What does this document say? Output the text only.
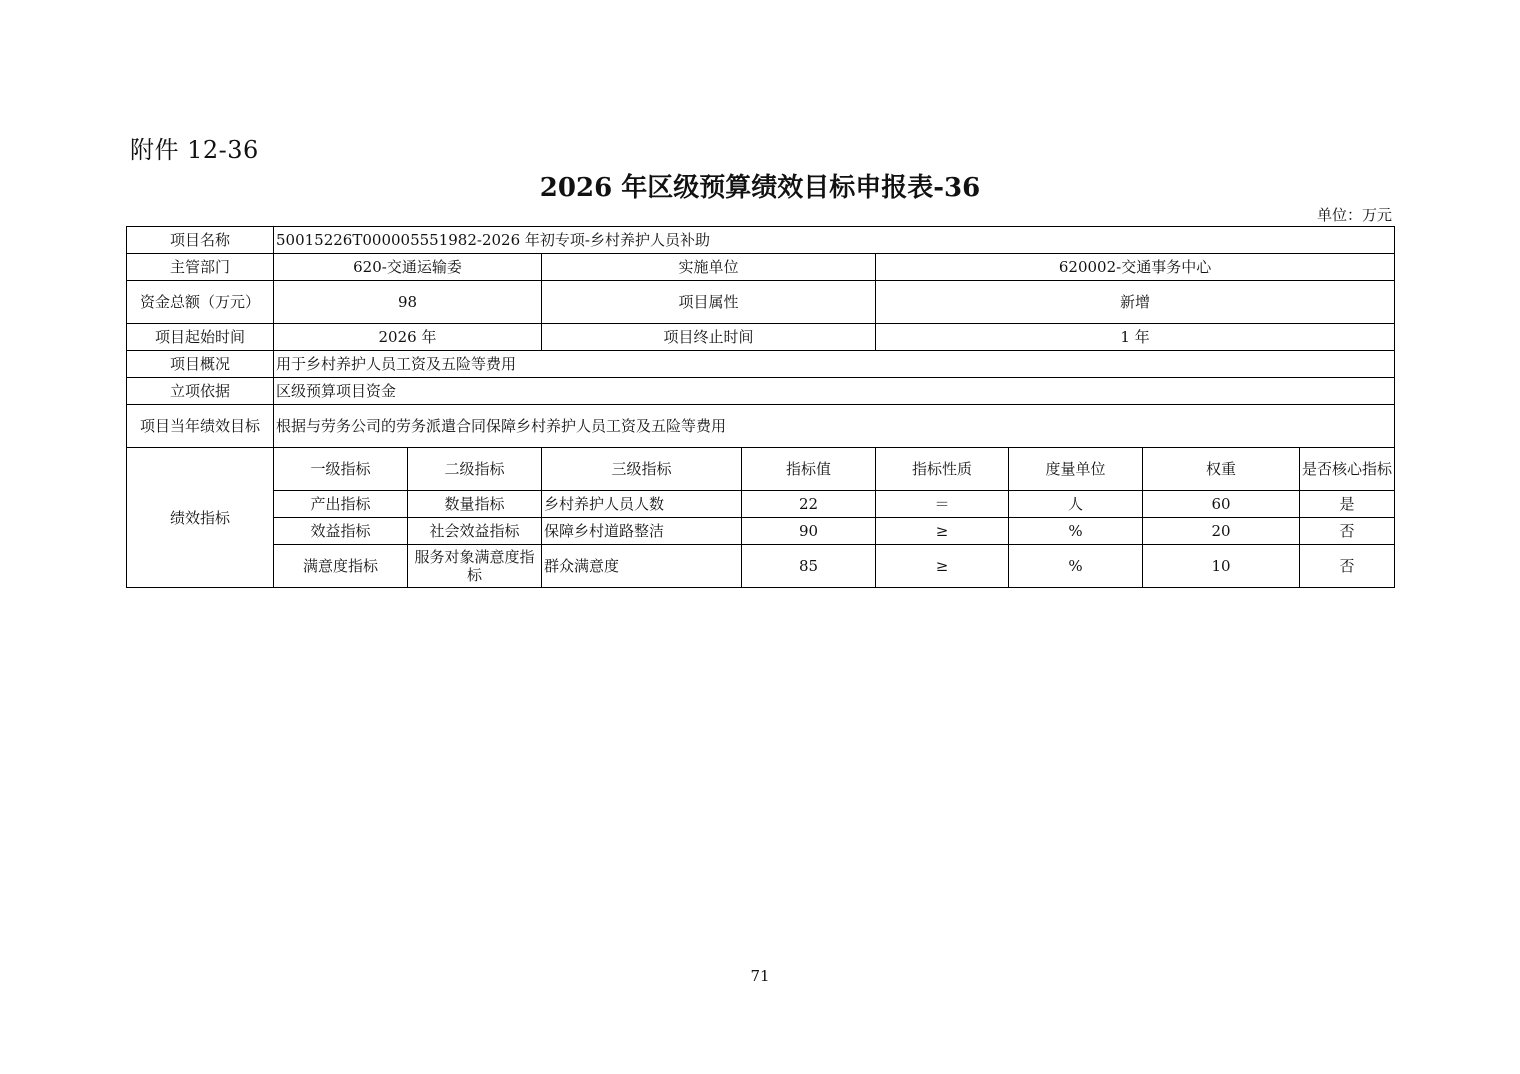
附件 12-36
2026 年区级预算绩效目标申报表-36
单位：万元
项目名称	50015226T000005551982-2026 年初专项-乡村养护人员补助							
主管部门	620-交通运输委		实施单位		620002-交通事务中心			
资金总额（万元）	98		项目属性		新增			
项目起始时间	2026 年		项目终止时间		1 年			
项目概况	用于乡村养护人员工资及五险等费用							
立项依据	区级预算项目资金							
项目当年绩效目标	根据与劳务公司的劳务派遣合同保障乡村养护人员工资及五险等费用							
绩效指标	一级指标	二级指标	三级指标	指标值	指标性质	度量单位	权重	是否核心指标
	产出指标	数量指标	乡村养护人员人数	22	＝	人	60	是
	效益指标	社会效益指标	保障乡村道路整洁	90	≥	%	20	否
	满意度指标	服务对象满意度指标	群众满意度	85	≥	%	10	否
71
